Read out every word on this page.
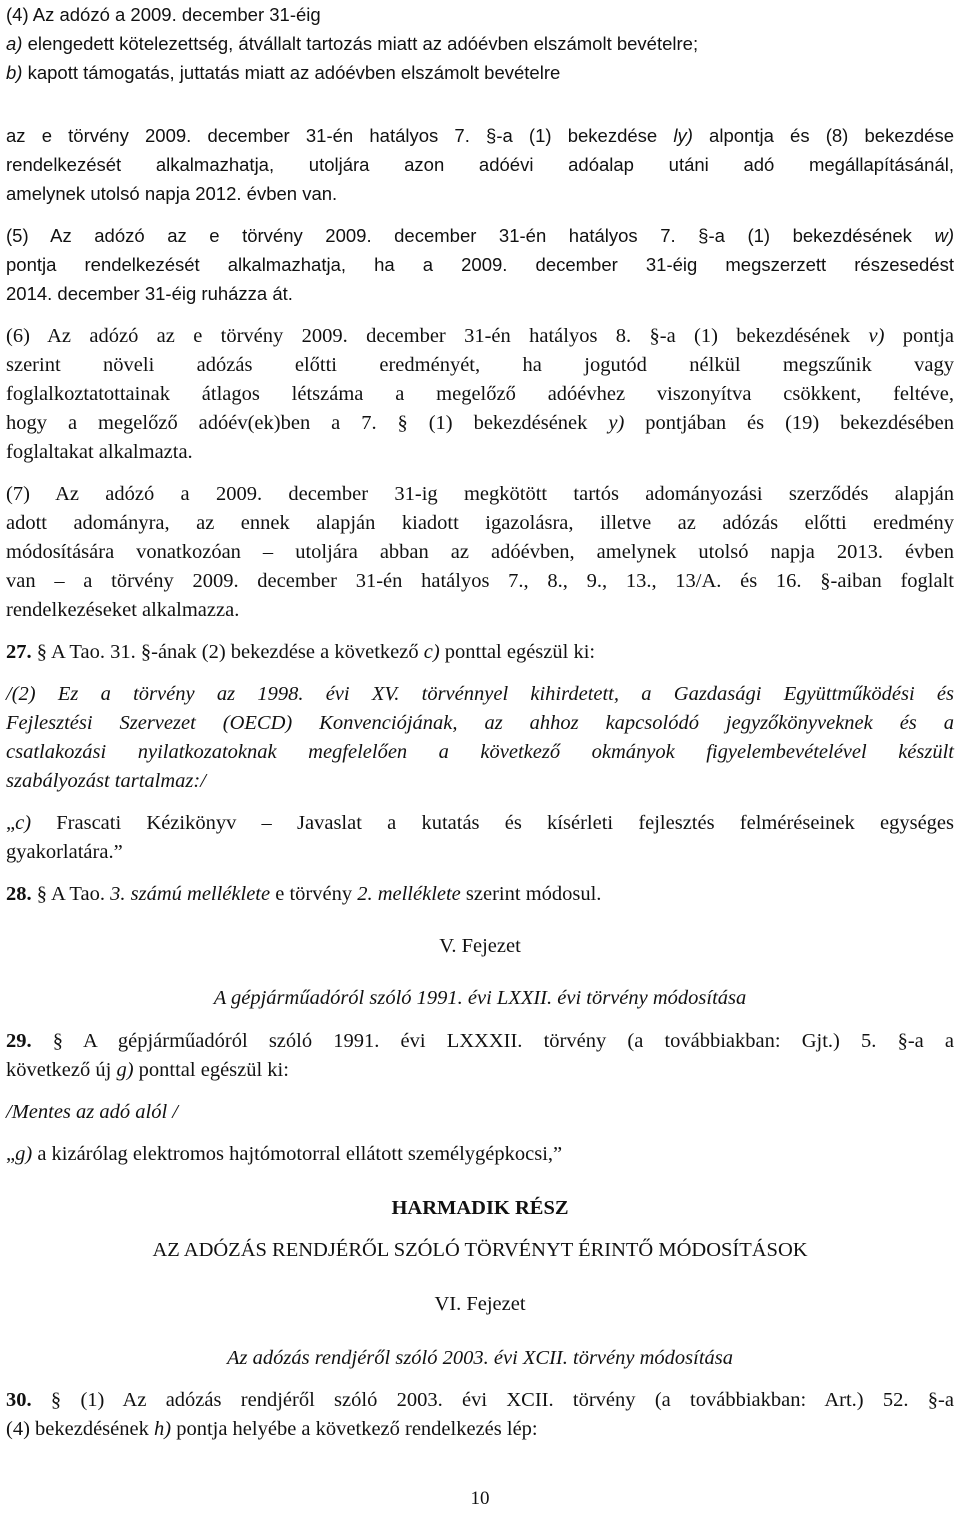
(4) Az adózó a 2009. december 31-éig
a) elengedett kötelezettség, átvállalt tartozás miatt az adóévben elszámolt bevételre;
b) kapott támogatás, juttatás miatt az adóévben elszámolt bevételre
az e törvény 2009. december 31-én hatályos 7. §-a (1) bekezdése ly) alpontja és (8) bekezdése
rendelkezését alkalmazhatja, utoljára azon adóévi adóalap utáni adó megállapításánál,
amelynek utolsó napja 2012. évben van.
(5) Az adózó az e törvény 2009. december 31-én hatályos 7. §-a (1) bekezdésének w)
pontja rendelkezését alkalmazhatja, ha a 2009. december 31-éig megszerzett részesedést
2014. december 31-éig ruházza át.
(6) Az adózó az e törvény 2009. december 31-én hatályos 8. §-a (1) bekezdésének v) pontja
szerint növeli adózás előtti eredményét, ha jogutód nélkül megszűnik vagy
foglalkoztatottainak átlagos létszáma a megelőző adóévhez viszonyítva csökkent, feltéve,
hogy a megelőző adóév(ek)ben a 7. § (1) bekezdésének y) pontjában és (19) bekezdésében
foglaltakat alkalmazta.
(7) Az adózó a 2009. december 31-ig megkötött tartós adományozási szerződés alapján
adott adományra, az ennek alapján kiadott igazolásra, illetve az adózás előtti eredmény
módosítására vonatkozóan – utoljára abban az adóévben, amelynek utolsó napja 2013. évben
van – a törvény 2009. december 31-én hatályos 7., 8., 9., 13., 13/A. és 16. §-aiban foglalt
rendelkezéseket alkalmazza.
27. § A Tao. 31. §-ának (2) bekezdése a következő c) ponttal egészül ki:
/(2) Ez a törvény az 1998. évi XV. törvénnyel kihirdetett, a Gazdasági Együttműködési és
Fejlesztési Szervezet (OECD) Konvenciójának, az ahhoz kapcsolódó jegyzőkönyveknek és a
csatlakozási nyilatkozatoknak megfelelően a következő okmányok figyelembevételével készült
szabályozást tartalmaz:/
„c) Frascati Kézikönyv – Javaslat a kutatás és kísérleti fejlesztés felméréseinek egységes
gyakorlatára.”
28. § A Tao. 3. számú melléklete e törvény 2. melléklete szerint módosul.
V. Fejezet
A gépjárműadóról szóló 1991. évi LXXII. évi törvény módosítása
29. § A gépjárműadóról szóló 1991. évi LXXXII. törvény (a továbbiakban: Gjt.) 5. §-a a
következő új g) ponttal egészül ki:
/Mentes az adó alól /
„g) a kizárólag elektromos hajtómotorral ellátott személygépkocsi,”
HARMADIK RÉSZ
AZ ADÓZÁS RENDJÉRŐL SZÓLÓ TÖRVÉNYT ÉRINTŐ MÓDOSÍTÁSOK
VI. Fejezet
Az adózás rendjéről szóló 2003. évi XCII. törvény módosítása
30. § (1) Az adózás rendjéről szóló 2003. évi XCII. törvény (a továbbiakban: Art.) 52. §-a
(4) bekezdésének h) pontja helyébe a következő rendelkezés lép:
10
